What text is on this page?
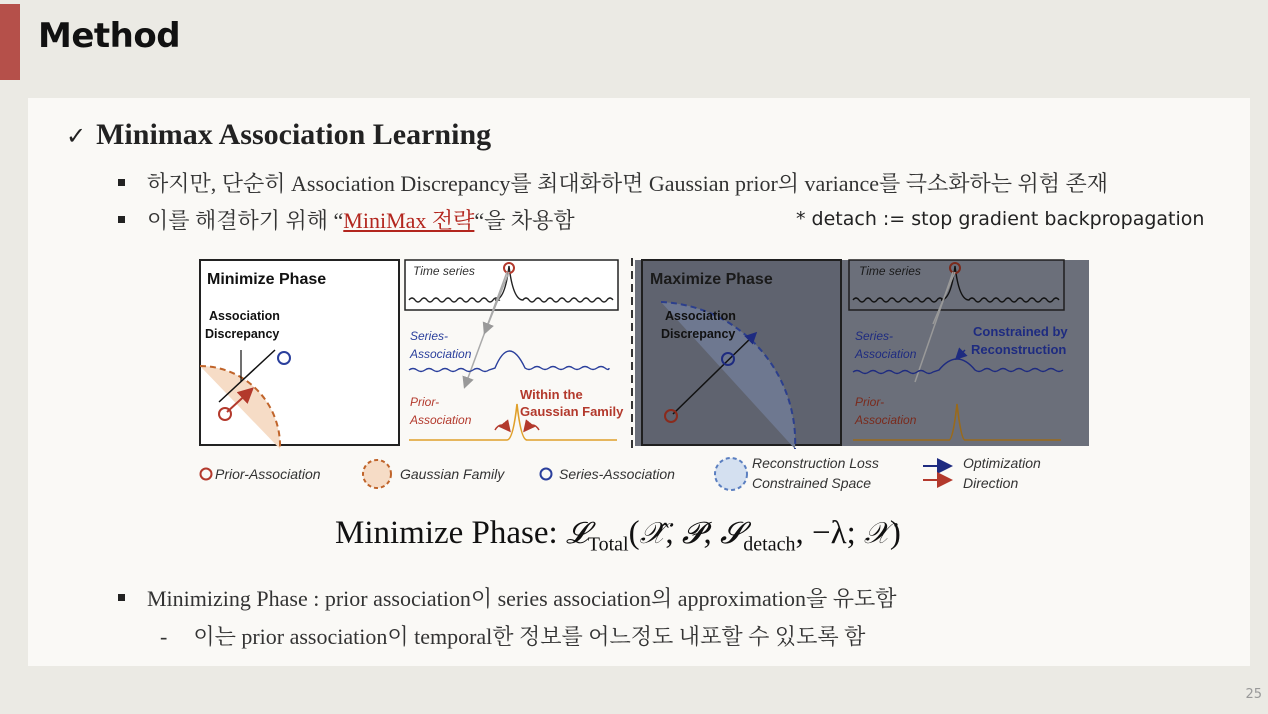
Method
✓ Minimax Association Learning
하지만, 단순히 Association Discrepancy를 최대화하면 Gaussian prior의 variance를 극소화하는 위험 존재
이를 해결하기 위해 “MiniMax 전략“을 차용함	* detach := stop gradient backpropagation
Minimize Phase
Association
Discrepancy
Time series
Series-
Association
Prior-
Association
Within the
Gaussian Family
Maximize Phase
Association
Discrepancy
Time series
Series-
Association
Constrained by
Reconstruction
Prior-
Association
Prior-Association	Gaussian Family	Series-Association
Reconstruction Loss
Constrained Space
Optimization
Direction
Minimize Phase: 𝓛$_{Total}$(𝒳̂, 𝓟, 𝓢$_{detach}$, −λ; 𝒳)
Minimizing Phase : prior association이 series association의 approximation을 유도함
- 이는 prior association이 temporal한 정보를 어느정도 내포할 수 있도록 함
25
